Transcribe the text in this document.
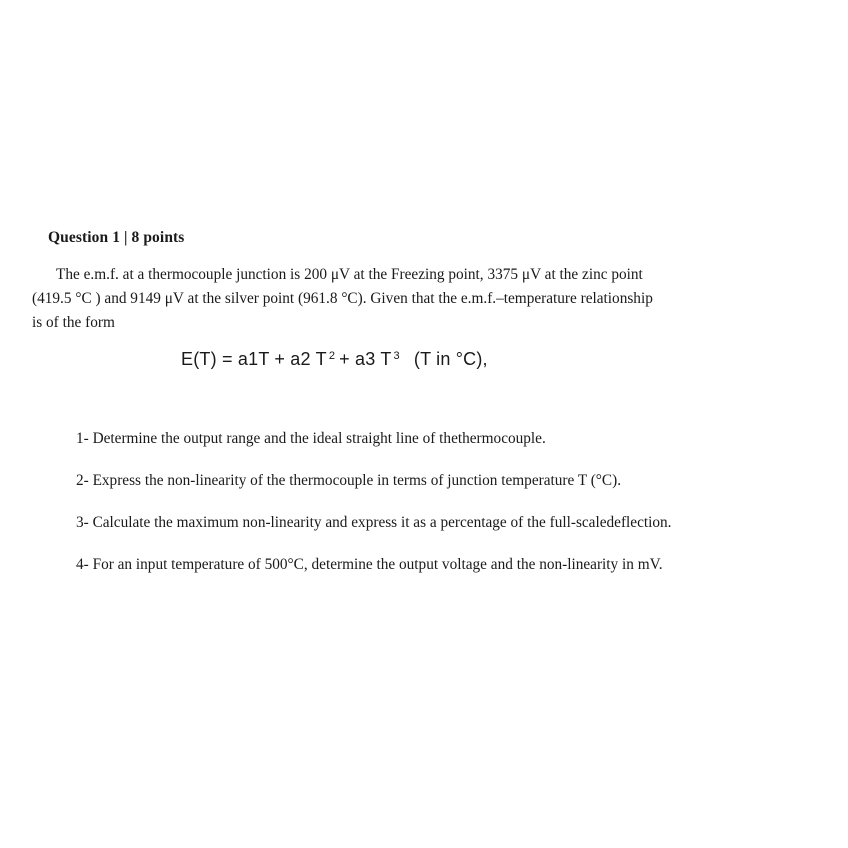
Question 1 | 8 points
The e.m.f. at a thermocouple junction is 200 μV at the Freezing point, 3375 μV at the zinc point
(419.5 °C ) and 9149 μV at the silver point (961.8 °C). Given that the e.m.f.–temperature relationship
is of the form
E(T) = a1T + a2 T $^2$ + a3 T $^3$ (T in °C),
1- Determine the output range and the ideal straight line of thethermocouple.
2- Express the non-linearity of the thermocouple in terms of junction temperature T (°C).
3- Calculate the maximum non-linearity and express it as a percentage of the full-scaledeflection.
4- For an input temperature of 500°C, determine the output voltage and the non-linearity in mV.
